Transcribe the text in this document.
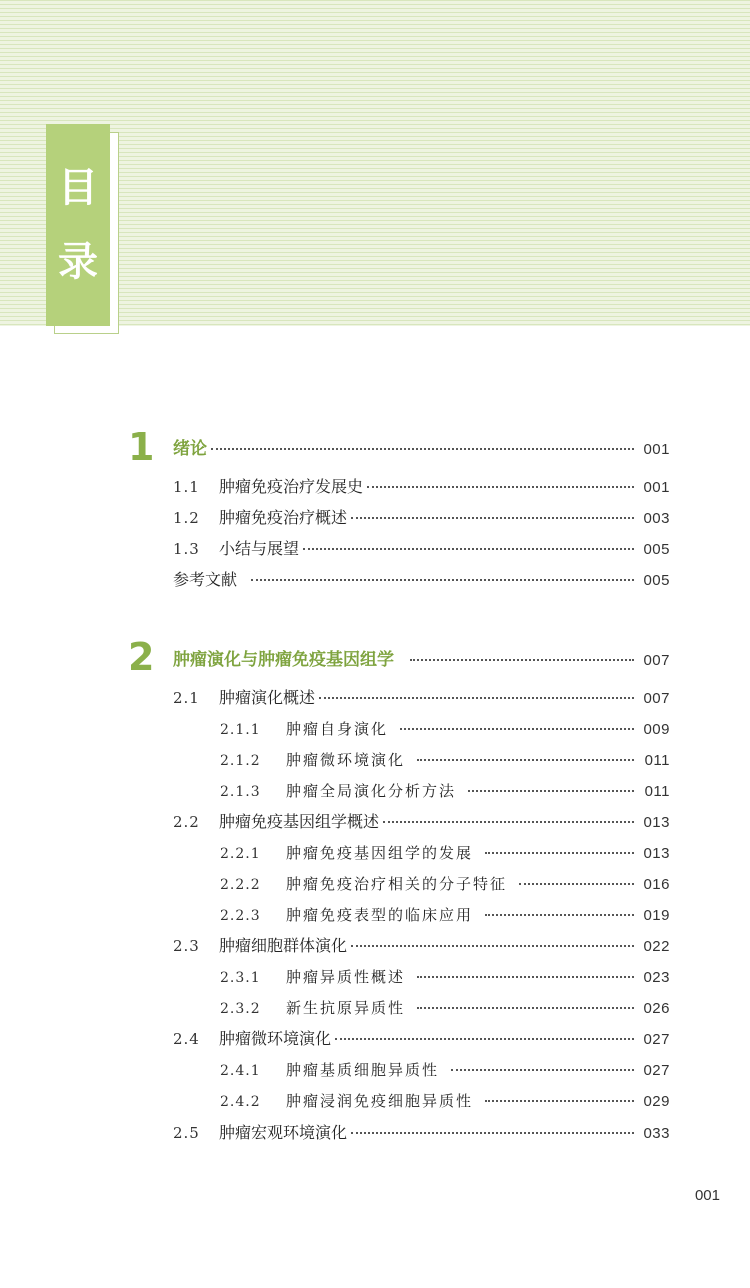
目
录
1 绪论	001
1.1	肿瘤免疫治疗发展史	001
1.2	肿瘤免疫治疗概述	003
1.3	小结与展望	005
参考文献	005
2 肿瘤演化与肿瘤免疫基因组学	007
2.1	肿瘤演化概述	007
2.1.1	肿瘤自身演化	009
2.1.2	肿瘤微环境演化	011
2.1.3	肿瘤全局演化分析方法	011
2.2	肿瘤免疫基因组学概述	013
2.2.1	肿瘤免疫基因组学的发展	013
2.2.2	肿瘤免疫治疗相关的分子特征	016
2.2.3	肿瘤免疫表型的临床应用	019
2.3	肿瘤细胞群体演化	022
2.3.1	肿瘤异质性概述	023
2.3.2	新生抗原异质性	026
2.4	肿瘤微环境演化	027
2.4.1	肿瘤基质细胞异质性	027
2.4.2	肿瘤浸润免疫细胞异质性	029
2.5	肿瘤宏观环境演化	033
001
